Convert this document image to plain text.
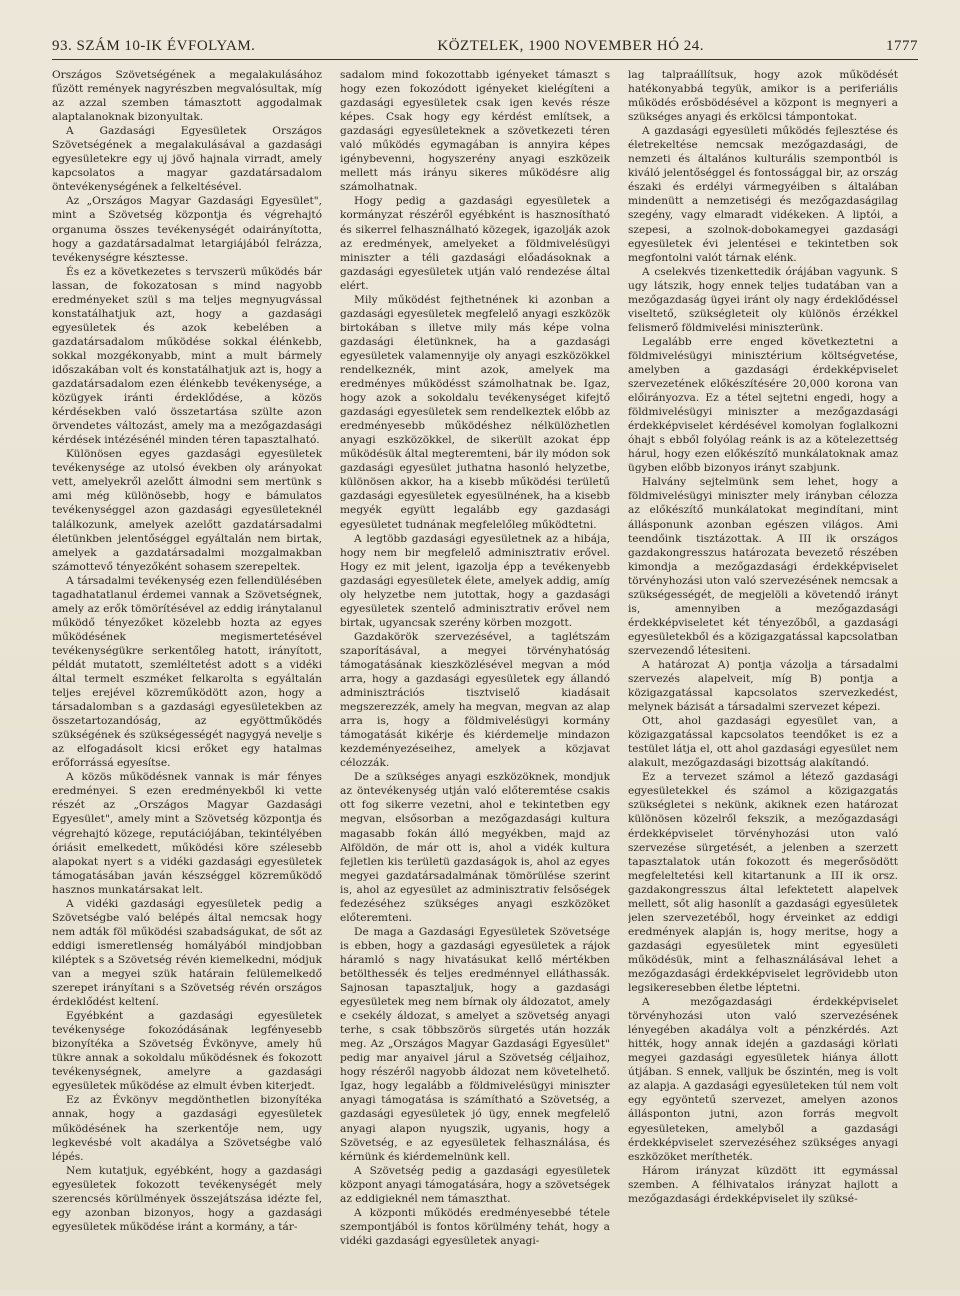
93. SZÁM 10-IK ÉVFOLYAM.	KÖZTELEK, 1900 NOVEMBER HÓ 24.	1777

Országos Szövetségének a megalakulásához fűzött remények nagyrészben megvalósultak, míg az azzal szemben támasztott aggodalmak alaptalanoknak bizonyultak.

A Gazdasági Egyesületek Országos Szövetségének a megalakulásával a gazdasági egyesületekre egy uj jövő hajnala virradt, amely kapcsolatos a magyar gazdatársadalom öntevékenységének a felkeltésével.

Az „Országos Magyar Gazdasági Egyesület", mint a Szövetség központja és végrehajtó organuma összes tevékenységét odairányította, hogy a gazdatársadalmat letargiájából felrázza, tevékenységre késztesse.

És ez a következetes s tervszerü működés bár lassan, de fokozatosan s mind nagyobb eredményeket szül s ma teljes megnyugvással konstatálhatjuk azt, hogy a gazdasági egyesületek és azok kebelében a gazdatársadalom működése sokkal élénkebb, sokkal mozgékonyabb, mint a mult bármely időszakában volt és konstatálhatjuk azt is, hogy a gazdatársadalom ezen élénkebb tevékenysége, a közügyek iránti érdeklődése, a közös kérdésekben való összetartása szülte azon örvendetes változást, amely ma a mezőgazdasági kérdések intézésénél minden téren tapasztalható.

Különösen egyes gazdasági egyesületek tevékenysége az utolsó években oly arányokat vett, amelyekről azelőtt álmodni sem mertünk s ami még különösebb, hogy e bámulatos tevékenységgel azon gazdasági egyesületeknél találkozunk, amelyek azelőtt gazdatársadalmi életünkben jelentőséggel egyáltalán nem birtak, amelyek a gazdatársadalmi mozgalmakban számottevő tényezőként sohasem szerepeltek.

A társadalmi tevékenység ezen fellendülésében tagadhatatlanul érdemei vannak a Szövetségnek, amely az erők tömörítésével az eddig iránytalanul működő tényezőket közelebb hozta az egyes működésének megismertetésével tevékenységükre serkentőleg hatott, irányított, példát mutatott, szemléltetést adott s a vidéki által termelt eszméket felkarolta s egyáltalán teljes erejével közreműködött azon, hogy a társadalomban s a gazdasági egyesületekben az összetartozandóság, az egyöttműködés szükségének és szükségességét nagygyá nevelje s az elfogadásolt kicsi erőket egy hatalmas erőforrássá egyesítse.

A közös működésnek vannak is már fényes eredményei. S ezen eredményekből ki vette részét az „Országos Magyar Gazdasági Egyesület", amely mint a Szövetség központja és végrehajtó közege, reputációjában, tekintélyében óriásit emelkedett, működési köre szélesebb alapokat nyert s a vidéki gazdasági egyesületek támogatásában javán készséggel közreműködő hasznos munkatársakat lelt.

A vidéki gazdasági egyesületek pedig a Szövetségbe való belépés által nemcsak hogy nem adták föl működési szabadságukat, de sőt az eddigi ismeretlenség homályából mindjobban kiléptek s a Szövetség révén kiemelkedni, módjuk van a megyei szük határain felülemelkedő szerepet irányítani s a Szövetség révén országos érdeklődést keltení.

Egyébként a gazdasági egyesületek tevékenysége fokozódásának legfényesebb bizonyítéka a Szövetség Évkönyve, amely hű tükre annak a sokoldalu működésnek és fokozott tevékenységnek, amelyre a gazdasági egyesületek működése az elmult évben kiterjedt.

Ez az Évkönyv megdönthetlen bizonyítéka annak, hogy a gazdasági egyesületek működésének ha szerkentője nem, ugy legkevésbé volt akadálya a Szövetségbe való lépés.

Nem kutatjuk, egyébként, hogy a gazdasági egyesületek fokozott tevékenységét mely szerencsés körülmények összejátszása idézte fel, egy azonban bizonyos, hogy a gazdasági egyesületek működése iránt a kormány, a tár-

sadalom mind fokozottabb igényeket támaszt s hogy ezen fokozódott igényeket kielégíteni a gazdasági egyesületek csak igen kevés része képes. Csak hogy egy kérdést említsek, a gazdasági egyesületeknek a szövetkezeti téren való működés egymagában is annyira képes igénybevenni, hogyszerény anyagi eszközeik mellett más irányu sikeres működésre alig számolhatnak.

Hogy pedig a gazdasági egyesületek a kormányzat részéről egyébként is hasznosítható és sikerrel felhasználható közegek, igazolják azok az eredmények, amelyeket a földmivelésügyi miniszter a téli gazdasági előadásoknak a gazdasági egyesületek utján való rendezése által elért.

Mily működést fejthetnének ki azonban a gazdasági egyesületek megfelelő anyagi eszközök birtokában s illetve mily más képe volna gazdasági életünknek, ha a gazdasági egyesületek valamennyije oly anyagi eszközökkel rendelkeznék, mint azok, amelyek ma eredményes működésst számolhatnak be. Igaz, hogy azok a sokoldalu tevékenységet kifejtő gazdasági egyesületek sem rendelkeztek előbb az eredményesebb működéshez nélkülözhetlen anyagi eszközökkel, de sikerült azokat épp működésük által megteremteni, bár ily módon sok gazdasági egyesület juthatna hasonló helyzetbe, különösen akkor, ha a kisebb működési területű gazdasági egyesületek egyesülnének, ha a kisebb megyék együtt legalább egy gazdasági egyesületet tudnának megfelelőleg működtetni.

A legtöbb gazdasági egyesületnek az a hibája, hogy nem bir megfelelő adminisztrativ erővel. Hogy ez mit jelent, igazolja épp a tevékenyebb gazdasági egyesületek élete, amelyek addig, amíg oly helyzetbe nem jutottak, hogy a gazdasági egyesületek szentelő adminisztrativ erővel nem birtak, ugyancsak szerény körben mozgott.

Gazdakörök szervezésével, a taglétszám szaporításával, a megyei törvényhatóság támogatásának kieszközlésével megvan a mód arra, hogy a gazdasági egyesületek egy állandó adminisztrációs tisztviselő kiadásait megszerezzék, amely ha megvan, megvan az alap arra is, hogy a földmivelésügyi kormány támogatását kikérje és kiérdemelje mindazon kezdeményezéseihez, amelyek a közjavat célozzák.

De a szükséges anyagi eszközöknek, mondjuk az öntevékenység utján való előteremtése csakis ott fog sikerre vezetni, ahol e tekintetben egy megvan, elsősorban a mezőgazdasági kultura magasabb fokán álló megyékben, majd az Alföldön, de már ott is, ahol a vidék kultura fejletlen kis területü gazdaságok is, ahol az egyes megyei gazdatársadalmának tömörülése szerint is, ahol az egyesület az adminisztrativ felsőségek fedezéséhez szükséges anyagi eszközöket előteremteni.

De maga a Gazdasági Egyesületek Szövetsége is ebben, hogy a gazdasági egyesületek a rájok háramló s nagy hivatásukat kellő mértékben betölthessék és teljes eredménnyel elláthassák. Sajnosan tapasztaljuk, hogy a gazdasági egyesületek meg nem bírnak oly áldozatot, amely e csekély áldozat, s amelyet a szövetség anyagi terhe, s csak többszörös sürgetés után hozzák meg. Az „Országos Magyar Gazdasági Egyesület" pedig mar anyaivel járul a Szövetség céljaihoz, hogy részéről nagyobb áldozat nem követelhető. Igaz, hogy legalább a földmivelésügyi miniszter anyagi támogatása is számítható a Szövetség, a gazdasági egyesületek jó ügy, ennek megfelelő anyagi alapon nyugszik, ugyanis, hogy a Szövetség, e az egyesületek felhasználása, és kérnünk és kiérdemelnünk kell.

A Szövetség pedig a gazdasági egyesületek központ anyagi támogatására, hogy a szövetségek az eddigieknél nem támaszthat.

A központi működés eredményesebbé tétele szempontjából is fontos körülmény tehát, hogy a vidéki gazdasági egyesületek anyagi-

lag talpraállítsuk, hogy azok működését hatékonyabbá tegyük, amikor is a periferiális működés erősbödésével a központ is megnyeri a szükséges anyagi és erkölcsi támpontokat.

A gazdasági egyesületi működés fejlesztése és életrekeltése nemcsak mezőgazdasági, de nemzeti és általános kulturális szempontból is kiváló jelentőséggel és fontossággal bir, az ország északi és erdélyi vármegyéiben s általában mindenütt a nemzetiségi és mezőgazdaságilag szegény, vagy elmaradt vidékeken. A liptói, a szepesi, a szolnok-dobokamegyei gazdasági egyesületek évi jelentései e tekintetben sok megfontolni valót tárnak elénk.

A cselekvés tizenkettedik órájában vagyunk. S ugy látszik, hogy ennek teljes tudatában van a mezőgazdaság ügyei iránt oly nagy érdeklődéssel viseltető, szükségleteit oly különös érzékkel felismerő földmivelési miniszterünk.

Legalább erre enged következtetni a földmivelésügyi minisztérium költségvetése, amelyben a gazdasági érdekképviselet szervezetének előkészítésére 20,000 korona van előirányozva. Ez a tétel sejtetni engedi, hogy a földmivelésügyi miniszter a mezőgazdasági érdekképviselet kérdésével komolyan foglalkozni óhajt s ebből folyólag reánk is az a kötelezettség hárul, hogy ezen előkészítő munkálatoknak amaz ügyben előbb bizonyos irányt szabjunk.

Halvány sejtelmünk sem lehet, hogy a földmivelésügyi miniszter mely irányban célozza az előkészítő munkálatokat megindítani, mint állásponunk azonban egészen világos. Ami teendőink tisztázottak. A III ik országos gazdakongresszus határozata bevezető részében kimondja a mezőgazdasági érdekképviselet törvényhozási uton való szervezésének nemcsak a szükségességét, de megjelöli a követendő irányt is, amennyiben a mezőgazdasági érdekképviseletet két tényezőből, a gazdasági egyesületekből és a közigazgatással kapcsolatban szervezendő létesiteni.

A határozat A) pontja vázolja a társadalmi szervezés alapelveit, míg B) pontja a közigazgatással kapcsolatos szervezkedést, melynek bázisát a társadalmi szervezet képezi.

Ott, ahol gazdasági egyesület van, a közigazgatással kapcsolatos teendőket is ez a testület látja el, ott ahol gazdasági egyesület nem alakult, mezőgazdasági bizottság alakítandó.

Ez a tervezet számol a létező gazdasági egyesületekkel és számol a közigazgatás szükségletei s nekünk, akiknek ezen határozat különösen közelről fekszik, a mezőgazdasági érdekképviselet törvényhozási uton való szervezése sürgetését, a jelenben a szerzett tapasztalatok után fokozott és megerősödött megfeleltetési kell kitartanunk a III ik orsz. gazdakongresszus által lefektetett alapelvek mellett, sőt alig hasonlít a gazdasági egyesületek jelen szervezetéből, hogy érveinket az eddigi eredmények alapján is, hogy meritse, hogy a gazdasági egyesületek mint egyesületi működésük, mint a felhasználásával lehet a mezőgazdasági érdekképviselet legrövidebb uton legsikeresebben életbe léptetni.

A mezőgazdasági érdekképviselet törvényhozási uton való szervezésének lényegében akadálya volt a pénzkérdés. Azt hitték, hogy annak idején a gazdasági körlati megyei gazdasági egyesületek hiánya állott útjában. S ennek, valljuk be őszintén, meg is volt az alapja. A gazdasági egyesületeken túl nem volt egy egyöntetű szervezet, amelyen azonos állásponton jutni, azon forrás megvolt egyesületeken, amelyből a gazdasági érdekképviselet szervezéséhez szükséges anyagi eszközöket merítheték.

Három irányzat küzdött itt egymással szemben. A félhivatalos irányzat hajlott a mezőgazdasági érdekképviselet ily szüksé-
